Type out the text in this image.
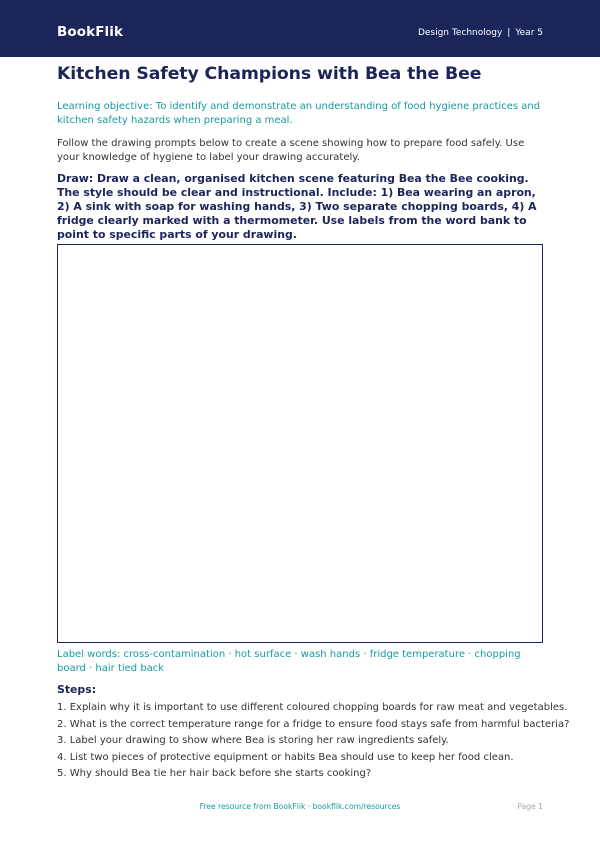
BookFlik	Design Technology | Year 5
Kitchen Safety Champions with Bea the Bee

Learning objective: To identify and demonstrate an understanding of food hygiene practices and kitchen safety hazards when preparing a meal.

Follow the drawing prompts below to create a scene showing how to prepare food safely. Use your knowledge of hygiene to label your drawing accurately.

Draw: Draw a clean, organised kitchen scene featuring Bea the Bee cooking. The style should be clear and instructional. Include: 1) Bea wearing an apron, 2) A sink with soap for washing hands, 3) Two separate chopping boards, 4) A fridge clearly marked with a thermometer. Use labels from the word bank to point to specific parts of your drawing.

Label words: cross-contamination · hot surface · wash hands · fridge temperature · chopping board · hair tied back

Steps:
1. Explain why it is important to use different coloured chopping boards for raw meat and vegetables.
2. What is the correct temperature range for a fridge to ensure food stays safe from harmful bacteria?
3. Label your drawing to show where Bea is storing her raw ingredients safely.
4. List two pieces of protective equipment or habits Bea should use to keep her food clean.
5. Why should Bea tie her hair back before she starts cooking?
Free resource from BookFlik · bookflik.com/resources	Page 1
